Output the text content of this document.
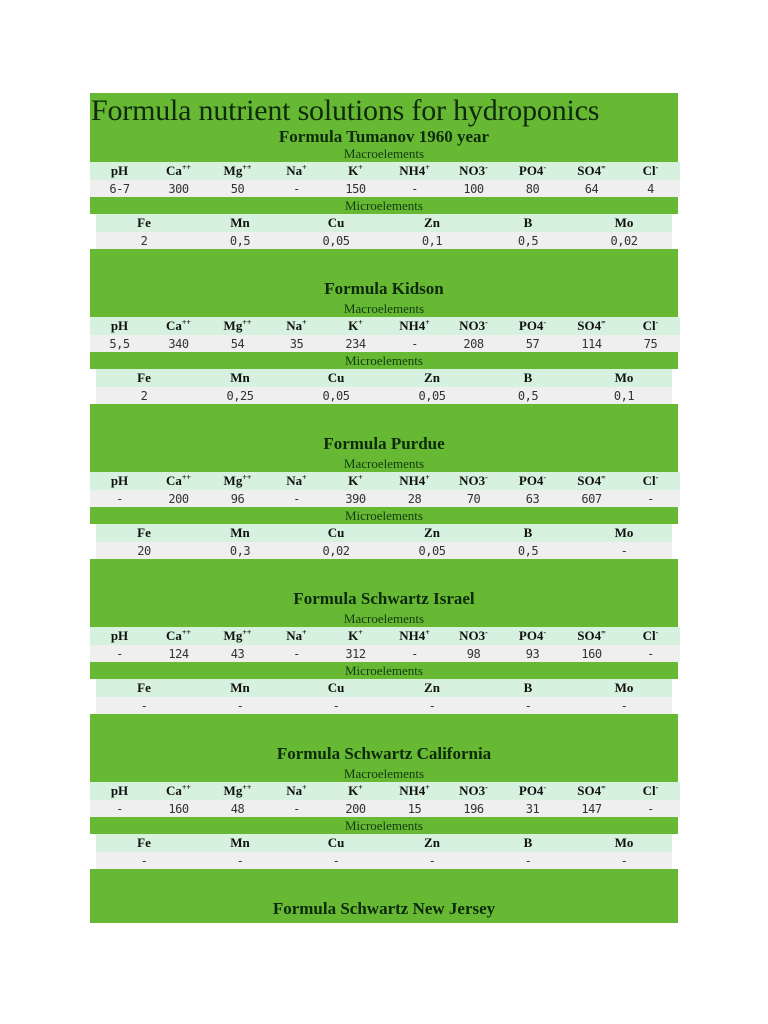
Formula nutrient solutions for hydroponics
Formula Tumanov 1960 year
Macroelements
pH	Ca++	Mg++	Na+	K+	NH4+	NO3-	PO4-	SO4=	Cl-
6-7	300	50	-	150	-	100	80	64	4
Microelements
Fe	Mn	Cu	Zn	B	Mo
2	0,5	0,05	0,1	0,5	0,02
Formula Kidson
Macroelements
pH	Ca++	Mg++	Na+	K+	NH4+	NO3-	PO4-	SO4=	Cl-
5,5	340	54	35	234	-	208	57	114	75
Microelements
Fe	Mn	Cu	Zn	B	Mo
2	0,25	0,05	0,05	0,5	0,1
Formula Purdue
Macroelements
pH	Ca++	Mg++	Na+	K+	NH4+	NO3-	PO4-	SO4=	Cl-
-	200	96	-	390	28	70	63	607	-
Microelements
Fe	Mn	Cu	Zn	B	Mo
20	0,3	0,02	0,05	0,5	-
Formula Schwartz Israel
Macroelements
pH	Ca++	Mg++	Na+	K+	NH4+	NO3-	PO4-	SO4=	Cl-
-	124	43	-	312	-	98	93	160	-
Microelements
Fe	Mn	Cu	Zn	B	Mo
-	-	-	-	-	-
Formula Schwartz California
Macroelements
pH	Ca++	Mg++	Na+	K+	NH4+	NO3-	PO4-	SO4=	Cl-
-	160	48	-	200	15	196	31	147	-
Microelements
Fe	Mn	Cu	Zn	B	Mo
-	-	-	-	-	-
Formula Schwartz New Jersey
